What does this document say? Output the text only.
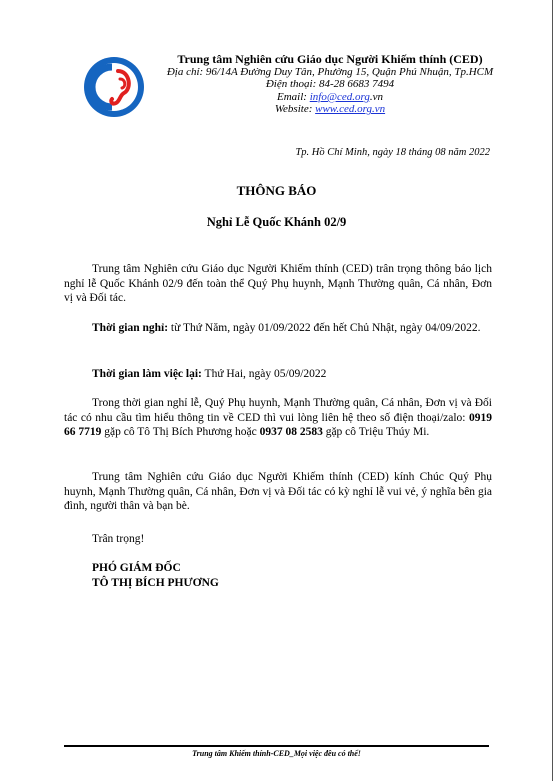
Trung tâm Nghiên cứu Giáo dục Người Khiếm thính (CED)
Địa chỉ: 96/14A Đường Duy Tân, Phường 15, Quận Phú Nhuận, Tp.HCM
Điện thoại: 84-28 6683 7494
Email: info@ced.org.vn
Website: www.ced.org.vn
Tp. Hồ Chí Minh, ngày 18 tháng 08 năm 2022
THÔNG BÁO
Nghỉ Lễ Quốc Khánh 02/9
Trung tâm Nghiên cứu Giáo dục Người Khiếm thính (CED) trân trọng thông báo lịch nghỉ lễ Quốc Khánh 02/9 đến toàn thể Quý Phụ huynh, Mạnh Thường quân, Cá nhân, Đơn vị và Đối tác.
Thời gian nghỉ: từ Thứ Năm, ngày 01/09/2022 đến hết Chủ Nhật, ngày 04/09/2022.
Thời gian làm việc lại: Thứ Hai, ngày 05/09/2022
Trong thời gian nghỉ lễ, Quý Phụ huynh, Mạnh Thường quân, Cá nhân, Đơn vị và Đối tác có nhu cầu tìm hiểu thông tin về CED thì vui lòng liên hệ theo số điện thoại/zalo: 0919 66 7719 gặp cô Tô Thị Bích Phương hoặc 0937 08 2583 gặp cô Triệu Thúy Mi.
Trung tâm Nghiên cứu Giáo dục Người Khiếm thính (CED) kính Chúc Quý Phụ huynh, Mạnh Thường quân, Cá nhân, Đơn vị và Đối tác có kỳ nghỉ lễ vui vẻ, ý nghĩa bên gia đình, người thân và bạn bè.
Trân trọng!
PHÓ GIÁM ĐỐC
TÔ THỊ BÍCH PHƯƠNG
Trung tâm Khiếm thính-CED_Mọi việc đều có thể!
